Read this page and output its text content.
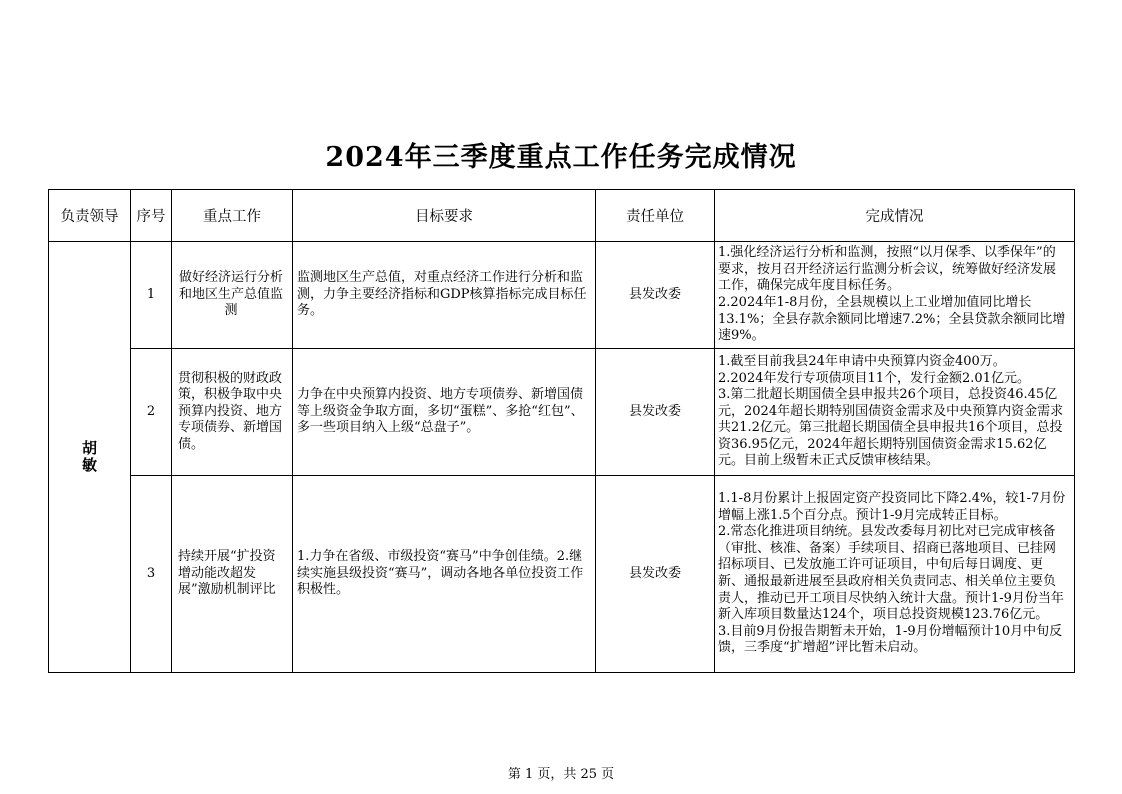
2024年三季度重点工作任务完成情况
负责领导	序号	重点工作	目标要求	责任单位	完成情况
胡敏	1	做好经济运行分析和地区生产总值监测	监测地区生产总值，对重点经济工作进行分析和监测，力争主要经济指标和GDP核算指标完成目标任务。	县发改委	1.强化经济运行分析和监测，按照“以月保季、以季保年”的要求，按月召开经济运行监测分析会议，统筹做好经济发展工作，确保完成年度目标任务。
2.2024年1-8月份，全县规模以上工业增加值同比增长13.1%；全县存款余额同比增速7.2%；全县贷款余额同比增速9%。
	2	贯彻积极的财政政策，积极争取中央预算内投资、地方专项债券、新增国债。	力争在中央预算内投资、地方专项债券、新增国债等上级资金争取方面，多切“蛋糕”、多抢“红包”、多一些项目纳入上级“总盘子”。	县发改委	1.截至目前我县24年申请中央预算内资金400万。
2.2024年发行专项债项目11个，发行金额2.01亿元。
3.第二批超长期国债全县申报共26个项目，总投资46.45亿元，2024年超长期特别国债资金需求及中央预算内资金需求共21.2亿元。第三批超长期国债全县申报共16个项目，总投资36.95亿元，2024年超长期特别国债资金需求15.62亿元。目前上级暂未正式反馈审核结果。
	3	持续开展“扩投资增动能改超发展”激励机制评比	1.力争在省级、市级投资“赛马”中争创佳绩。2.继续实施县级投资“赛马”，调动各地各单位投资工作积极性。	县发改委	1.1-8月份累计上报固定资产投资同比下降2.4%，较1-7月份增幅上涨1.5个百分点。预计1-9月完成转正目标。
2.常态化推进项目纳统。县发改委每月初比对已完成审核备（审批、核准、备案）手续项目、招商已落地项目、已挂网招标项目、已发放施工许可证项目，中旬后每日调度、更新、通报最新进展至县政府相关负责同志、相关单位主要负责人，推动已开工项目尽快纳入统计大盘。预计1-9月份当年新入库项目数量达124个，项目总投资规模123.76亿元。
3.目前9月份报告期暂未开始，1-9月份增幅预计10月中旬反馈，三季度“扩增超”评比暂未启动。
第 1 页，共 25 页
